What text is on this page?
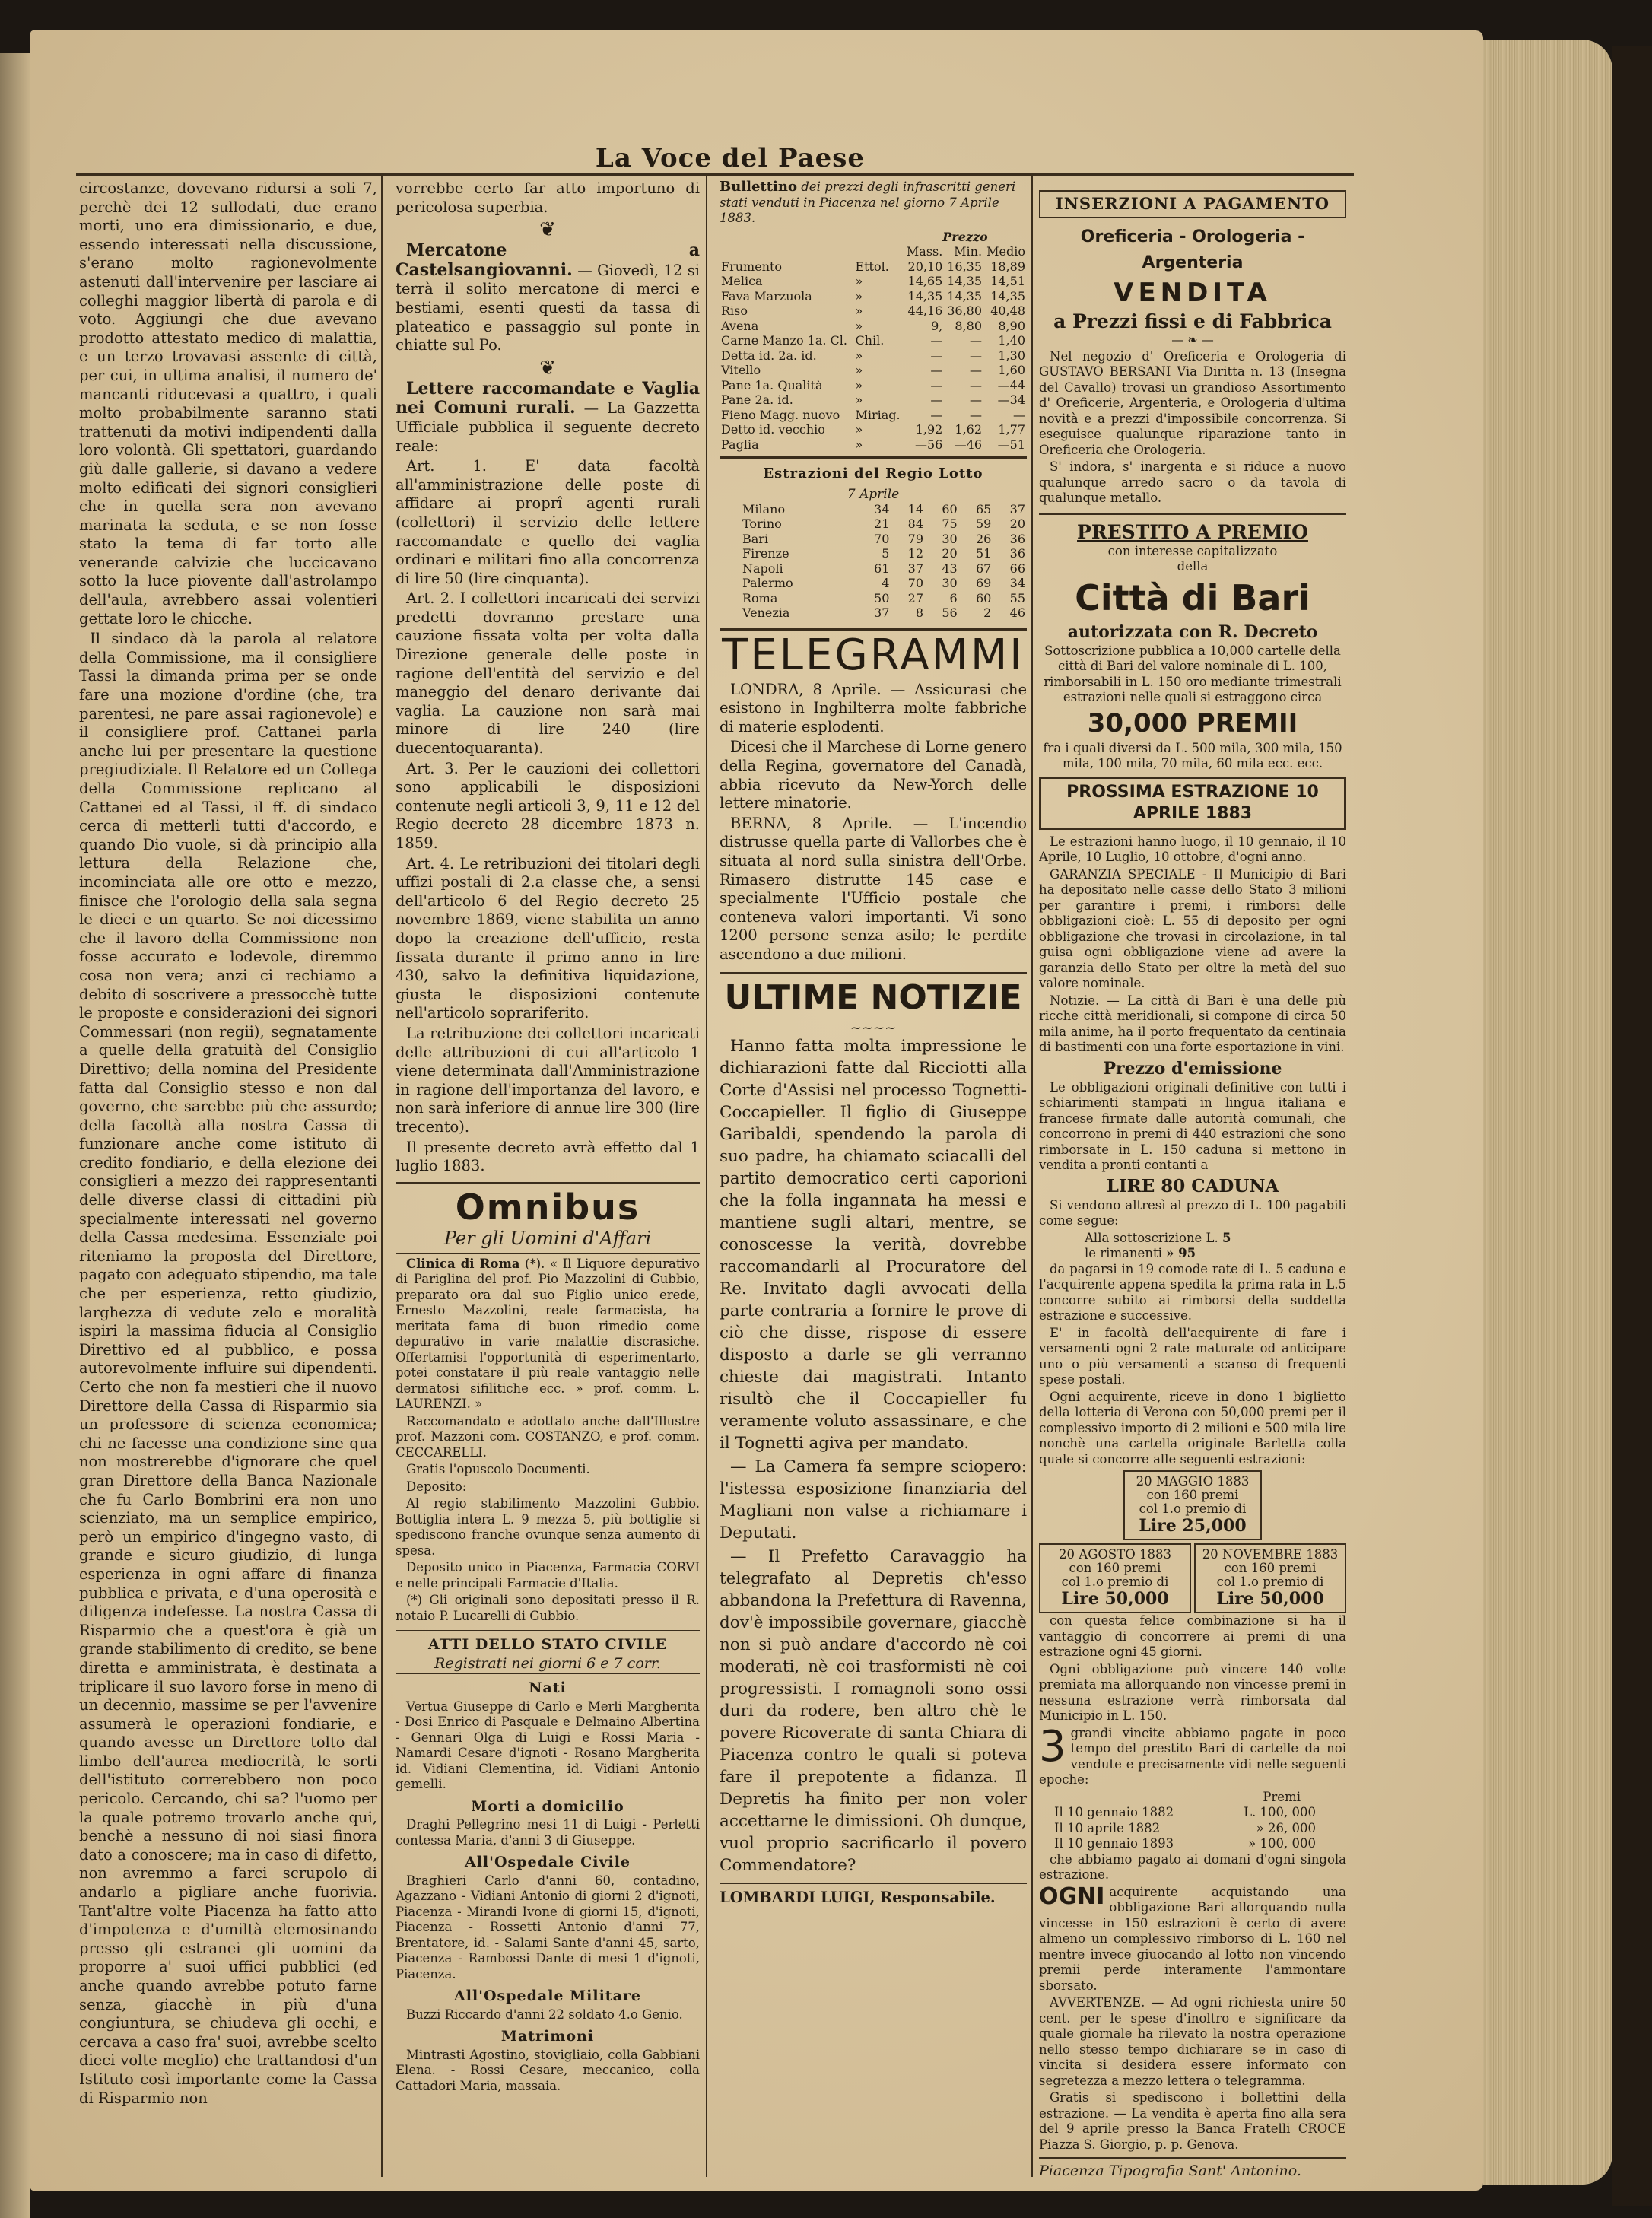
La Voce del Paese

circostanze, dovevano ridursi a soli 7, perchè dei 12 sullodati, due erano morti, uno era dimissionario, e due, essendo interessati nella discussione, s'erano molto ragionevolmente astenuti dall'intervenire per lasciare ai colleghi maggior libertà di parola e di voto. Aggiungi che due avevano prodotto attestato medico di malattia, e un terzo trovavasi assente di città, per cui, in ultima analisi, il numero de' mancanti riducevasi a quattro, i quali molto probabilmente saranno stati trattenuti da motivi indipendenti dalla loro volontà. Gli spettatori, guardando giù dalle gallerie, si davano a vedere molto edificati dei signori consiglieri che in quella sera non avevano marinata la seduta, e se non fosse stato la tema di far torto alle venerande calvizie che luccicavano sotto la luce piovente dall'astrolampo dell'aula, avrebbero assai volentieri gettate loro le chicche.

Il sindaco dà la parola al relatore della Commissione, ma il consigliere Tassi la dimanda prima per se onde fare una mozione d'ordine (che, tra parentesi, ne pare assai ragionevole) e il consigliere prof. Cattanei parla anche lui per presentare la questione pregiudiziale. Il Relatore ed un Collega della Commissione replicano al Cattanei ed al Tassi, il ff. di sindaco cerca di metterli tutti d'accordo, e quando Dio vuole, si dà principio alla lettura della Relazione che, incominciata alle ore otto e mezzo, finisce che l'orologio della sala segna le dieci e un quarto. Se noi dicessimo che il lavoro della Commissione non fosse accurato e lodevole, diremmo cosa non vera; anzi ci rechiamo a debito di soscrivere a pressocchè tutte le proposte e considerazioni dei signori Commessari (non regii), segnatamente a quelle della gratuità del Consiglio Direttivo; della nomina del Presidente fatta dal Consiglio stesso e non dal governo, che sarebbe più che assurdo; della facoltà alla nostra Cassa di funzionare anche come istituto di credito fondiario, e della elezione dei consiglieri a mezzo dei rappresentanti delle diverse classi di cittadini più specialmente interessati nel governo della Cassa medesima. Essenziale poi riteniamo la proposta del Direttore, pagato con adeguato stipendio, ma tale che per esperienza, retto giudizio, larghezza di vedute zelo e moralità ispiri la massima fiducia al Consiglio Direttivo ed al pubblico, e possa autorevolmente influire sui dipendenti. Certo che non fa mestieri che il nuovo Direttore della Cassa di Risparmio sia un professore di scienza economica; chi ne facesse una condizione sine qua non mostrerebbe d'ignorare che quel gran Direttore della Banca Nazionale che fu Carlo Bombrini era non uno scienziato, ma un semplice empirico, però un empirico d'ingegno vasto, di grande e sicuro giudizio, di lunga esperienza in ogni affare di finanza pubblica e privata, e d'una operosità e diligenza indefesse. La nostra Cassa di Risparmio che a quest'ora è già un grande stabilimento di credito, se bene diretta e amministrata, è destinata a triplicare il suo lavoro forse in meno di un decennio, massime se per l'avvenire assumerà le operazioni fondiarie, e quando avesse un Direttore tolto dal limbo dell'aurea mediocrità, le sorti dell'istituto correrebbero non poco pericolo. Cercando, chi sa? l'uomo per la quale potremo trovarlo anche qui, benchè a nessuno di noi siasi finora dato a conoscere; ma in caso di difetto, non avremmo a farci scrupolo di andarlo a pigliare anche fuorivia. Tant'altre volte Piacenza ha fatto atto d'impotenza e d'umiltà elemosinando presso gli estranei gli uomini da proporre a' suoi uffici pubblici (ed anche quando avrebbe potuto farne senza, giacchè in più d'una congiuntura, se chiudeva gli occhi, e cercava a caso fra' suoi, avrebbe scelto dieci volte meglio) che trattandosi d'un Istituto così importante come la Cassa di Risparmio non

vorrebbe certo far atto importuno di pericolosa superbia.

❦

Mercatone a Castelsangiovanni. — Giovedì, 12 si terrà il solito mercatone di merci e bestiami, esenti questi da tassa di plateatico e passaggio sul ponte in chiatte sul Po.

❦

Lettere raccomandate e Vaglia nei Comuni rurali. — La Gazzetta Ufficiale pubblica il seguente decreto reale:

Art. 1. E' data facoltà all'amministrazione delle poste di affidare ai proprî agenti rurali (collettori) il servizio delle lettere raccomandate e quello dei vaglia ordinari e militari fino alla concorrenza di lire 50 (lire cinquanta).

Art. 2. I collettori incaricati dei servizi predetti dovranno prestare una cauzione fissata volta per volta dalla Direzione generale delle poste in ragione dell'entità del servizio e del maneggio del denaro derivante dai vaglia. La cauzione non sarà mai minore di lire 240 (lire duecentoquaranta).

Art. 3. Per le cauzioni dei collettori sono applicabili le disposizioni contenute negli articoli 3, 9, 11 e 12 del Regio decreto 28 dicembre 1873 n. 1859.

Art. 4. Le retribuzioni dei titolari degli uffizi postali di 2.a classe che, a sensi dell'articolo 6 del Regio decreto 25 novembre 1869, viene stabilita un anno dopo la creazione dell'ufficio, resta fissata durante il primo anno in lire 430, salvo la definitiva liquidazione, giusta le disposizioni contenute nell'articolo soprariferito.

La retribuzione dei collettori incaricati delle attribuzioni di cui all'articolo 1 viene determinata dall'Amministrazione in ragione dell'importanza del lavoro, e non sarà inferiore di annue lire 300 (lire trecento).

Il presente decreto avrà effetto dal 1 luglio 1883.

Omnibus
Per gli Uomini d'Affari

Clinica di Roma (*). « Il Liquore depurativo di Pariglina del prof. Pio Mazzolini di Gubbio, preparato ora dal suo Figlio unico erede, Ernesto Mazzolini, reale farmacista, ha meritata fama di buon rimedio come depurativo in varie malattie discrasiche. Offertamisi l'opportunità di esperimentarlo, potei constatare il più reale vantaggio nelle dermatosi sifilitiche ecc. » prof. comm. L. LAURENZI. »

Raccomandato e adottato anche dall'Illustre prof. Mazzoni com. COSTANZO, e prof. comm. CECCARELLI.

Gratis l'opuscolo Documenti.

Deposito:

Al regio stabilimento Mazzolini Gubbio. Bottiglia intera L. 9 mezza 5, più bottiglie si spediscono franche ovunque senza aumento di spesa.

Deposito unico in Piacenza, Farmacia CORVI e nelle principali Farmacie d'Italia.

(*) Gli originali sono depositati presso il R. notaio P. Lucarelli di Gubbio.

ATTI DELLO STATO CIVILE
Registrati nei giorni 6 e 7 corr.
Nati

Vertua Giuseppe di Carlo e Merli Margherita - Dosi Enrico di Pasquale e Delmaino Albertina - Gennari Olga di Luigi e Rossi Maria - Namardi Cesare d'ignoti - Rosano Margherita id. Vidiani Clementina, id. Vidiani Antonio gemelli.

Morti a domicilio

Draghi Pellegrino mesi 11 di Luigi - Perletti contessa Maria, d'anni 3 di Giuseppe.

All'Ospedale Civile

Braghieri Carlo d'anni 60, contadino, Agazzano - Vidiani Antonio di giorni 2 d'ignoti, Piacenza - Mirandi Ivone di giorni 15, d'ignoti, Piacenza - Rossetti Antonio d'anni 77, Brentatore, id. - Salami Sante d'anni 45, sarto, Piacenza - Rambossi Dante di mesi 1 d'ignoti, Piacenza.

All'Ospedale Militare

Buzzi Riccardo d'anni 22 soldato 4.o Genio.

Matrimoni

Mintrasti Agostino, stovigliaio, colla Gabbiani Elena. - Rossi Cesare, meccanico, colla Cattadori Maria, massaia.

Bullettino dei prezzi degli infrascritti generi stati venduti in Piacenza nel giorno 7 Aprile 1883.
		Prezzo		
		Mass.	Min.	Medio
Frumento	Ettol.	20,10	16,35	18,89
Melica	»	14,65	14,35	14,51
Fava Marzuola	»	14,35	14,35	14,35
Riso	»	44,16	36,80	40,48
Avena	»	9,	8,80	8,90
Carne Manzo 1a. Cl.	Chil.	—	—	1,40
Detta id. 2a. id.	»	—	—	1,30
Vitello	»	—	—	1,60
Pane 1a. Qualità	»	—	—	—44
Pane 2a. id.	»	—	—	—34
Fieno Magg. nuovo	Miriag.	—	—	—
Detto id. vecchio	»	1,92	1,62	1,77
Paglia	»	—56	—46	—51
Estrazioni del Regio Lotto
7 Aprile
Milano	34	14	60	65	37
Torino	21	84	75	59	20
Bari	70	79	30	26	36
Firenze	5	12	20	51	36
Napoli	61	37	43	67	66
Palermo	4	70	30	69	34
Roma	50	27	6	60	55
Venezia	37	8	56	2	46
TELEGRAMMI

LONDRA, 8 Aprile. — Assicurasi che esistono in Inghilterra molte fabbriche di materie esplodenti.

Dicesi che il Marchese di Lorne genero della Regina, governatore del Canadà, abbia ricevuto da New-Yorch delle lettere minatorie.

BERNA, 8 Aprile. — L'incendio distrusse quella parte di Vallorbes che è situata al nord sulla sinistra dell'Orbe. Rimasero distrutte 145 case e specialmente l'Ufficio postale che conteneva valori importanti. Vi sono 1200 persone senza asilo; le perdite ascendono a due milioni.

ULTIME NOTIZIE
~~~~

Hanno fatta molta impressione le dichiarazioni fatte dal Ricciotti alla Corte d'Assisi nel processo Tognetti-Coccapieller. Il figlio di Giuseppe Garibaldi, spendendo la parola di suo padre, ha chiamato sciacalli del partito democratico certi caporioni che la folla ingannata ha messi e mantiene sugli altari, mentre, se conoscesse la verità, dovrebbe raccomandarli al Procuratore del Re. Invitato dagli avvocati della parte contraria a fornire le prove di ciò che disse, rispose di essere disposto a darle se gli verranno chieste dai magistrati. Intanto risultò che il Coccapieller fu veramente voluto assassinare, e che il Tognetti agiva per mandato.

— La Camera fa sempre sciopero: l'istessa esposizione finanziaria del Magliani non valse a richiamare i Deputati.

— Il Prefetto Caravaggio ha telegrafato al Depretis ch'esso abbandona la Prefettura di Ravenna, dov'è impossibile governare, giacchè non si può andare d'accordo nè coi moderati, nè coi trasformisti nè coi progressisti. I romagnoli sono ossi duri da rodere, ben altro chè le povere Ricoverate di santa Chiara di Piacenza contro le quali si poteva fare il prepotente a fidanza. Il Depretis ha finito per non voler accettarne le dimissioni. Oh dunque, vuol proprio sacrificarlo il povero Commendatore?

LOMBARDI LUIGI, Responsabile.
INSERZIONI A PAGAMENTO
Oreficeria - Orologeria - Argenteria
VENDITA
a Prezzi fissi e di Fabbrica
— ❧ —

Nel negozio d' Oreficeria e Orologeria di GUSTAVO BERSANI Via Diritta n. 13 (Insegna del Cavallo) trovasi un grandioso Assortimento d' Oreficerie, Argenteria, e Orologeria d'ultima novità e a prezzi d'impossibile concorrenza. Si eseguisce qualunque riparazione tanto in Oreficeria che Orologeria.

S' indora, s' inargenta e si riduce a nuovo qualunque arredo sacro o da tavola di qualunque metallo.

PRESTITO A PREMIO
con interesse capitalizzato
della
Città di Bari
autorizzata con R. Decreto
Sottoscrizione pubblica a 10,000 cartelle della città di Bari del valore nominale di L. 100, rimborsabili in L. 150 oro mediante trimestrali estrazioni nelle quali si estraggono circa
30,000 PREMII
fra i quali diversi da L. 500 mila, 300 mila, 150 mila, 100 mila, 70 mila, 60 mila ecc. ecc.
PROSSIMA ESTRAZIONE 10 APRILE 1883

Le estrazioni hanno luogo, il 10 gennaio, il 10 Aprile, 10 Luglio, 10 ottobre, d'ogni anno.

GARANZIA SPECIALE - Il Municipio di Bari ha depositato nelle casse dello Stato 3 milioni per garantire i premi, i rimborsi delle obbligazioni cioè: L. 55 di deposito per ogni obbligazione che trovasi in circolazione, in tal guisa ogni obbligazione viene ad avere la garanzia dello Stato per oltre la metà del suo valore nominale.

Notizie. — La città di Bari è una delle più ricche città meridionali, si compone di circa 50 mila anime, ha il porto frequentato da centinaia di bastimenti con una forte esportazione in vini.

Prezzo d'emissione

Le obbligazioni originali definitive con tutti i schiarimenti stampati in lingua italiana e francese firmate dalle autorità comunali, che concorrono in premi di 440 estrazioni che sono rimborsate in L. 150 caduna si mettono in vendita a pronti contanti a

LIRE 80 CADUNA

Si vendono altresì al prezzo di L. 100 pagabili come segue:

Alla sottoscrizione L. 5
le rimanenti » 95

da pagarsi in 19 comode rate di L. 5 caduna e l'acquirente appena spedita la prima rata in L.5 concorre subito ai rimborsi della suddetta estrazione e successive.

E' in facoltà dell'acquirente di fare i versamenti ogni 2 rate maturate od anticipare uno o più versamenti a scanso di frequenti spese postali.

Ogni acquirente, riceve in dono 1 biglietto della lotteria di Verona con 50,000 premi per il complessivo importo di 2 milioni e 500 mila lire nonchè una cartella originale Barletta colla quale si concorre alle seguenti estrazioni:

20 MAGGIO 1883
con 160 premi
col 1.o premio di
Lire 25,000
20 AGOSTO 1883
con 160 premi
col 1.o premio di
Lire 50,000
20 NOVEMBRE 1883
con 160 premi
col 1.o premio di
Lire 50,000

con questa felice combinazione si ha il vantaggio di concorrere ai premi di una estrazione ogni 45 giorni.

Ogni obbligazione può vincere 140 volte premiata ma allorquando non vincesse premi in nessuna estrazione verrà rimborsata dal Municipio in L. 150.

3 grandi vincite abbiamo pagate in poco tempo del prestito Bari di cartelle da noi vendute e precisamente vidi nelle seguenti epoche:

Premi
Il 10 gennaio 1882	L. 100, 000
Il 10 aprile 1882	» 26, 000
Il 10 gennaio 1893	» 100, 000

che abbiamo pagato ai domani d'ogni singola estrazione.

OGNI acquirente acquistando una obbligazione Bari allorquando nulla vincesse in 150 estrazioni è certo di avere almeno un complessivo rimborso di L. 160 nel mentre invece giuocando al lotto non vincendo premii perde interamente l'ammontare sborsato.

AVVERTENZE. — Ad ogni richiesta unire 50 cent. per le spese d'inoltro e significare da quale giornale ha rilevato la nostra operazione nello stesso tempo dichiarare se in caso di vincita si desidera essere informato con segretezza a mezzo lettera o telegramma.

Gratis si spediscono i bollettini della estrazione. — La vendita è aperta fino alla sera del 9 aprile presso la Banca Fratelli CROCE Piazza S. Giorgio, p. p. Genova.

Piacenza Tipografia Sant' Antonino.
